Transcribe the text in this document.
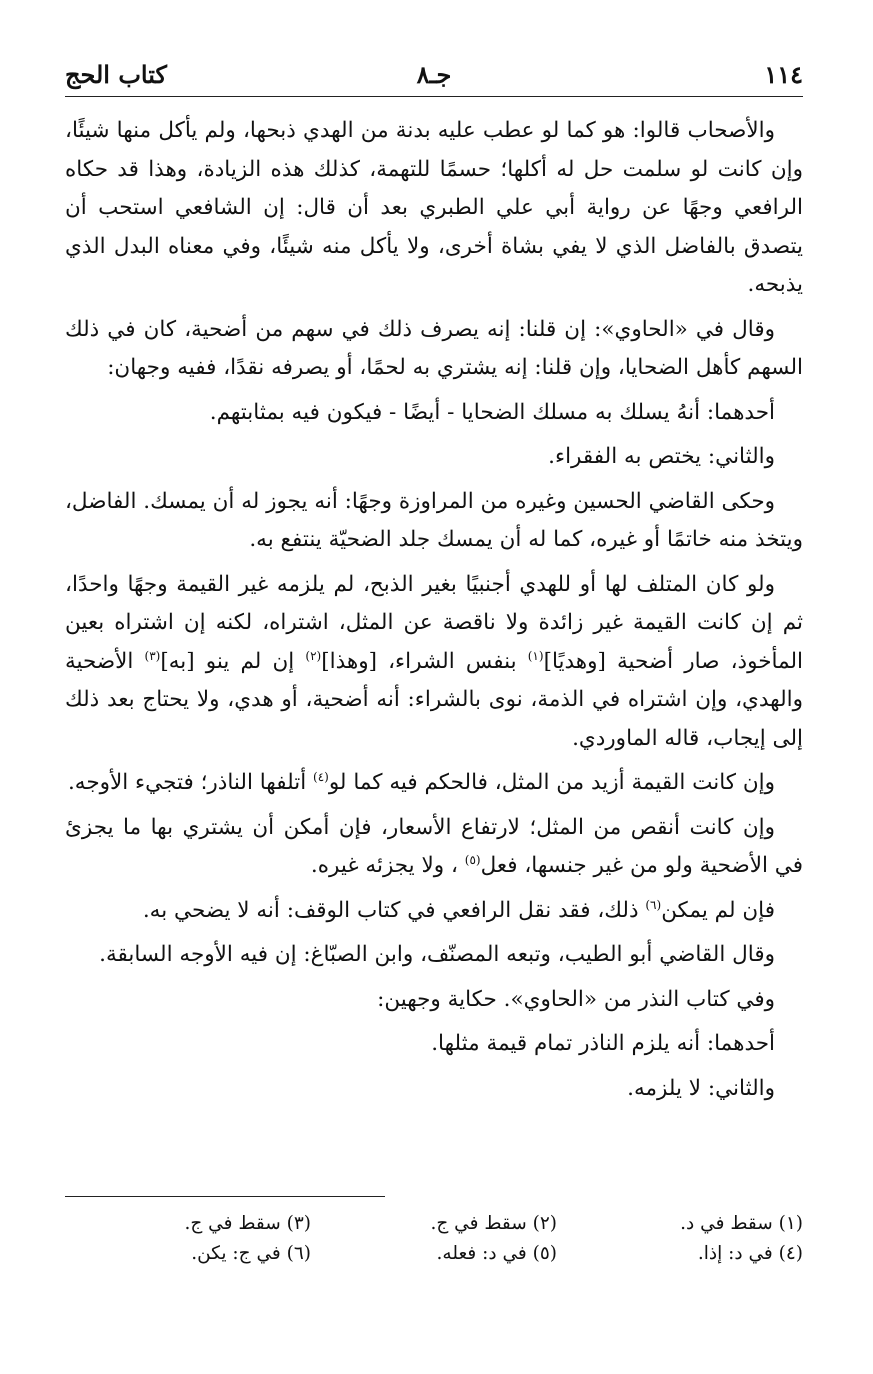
١١٤
جـ٨
كتاب الحج

والأصحاب قالوا: هو كما لو عطب عليه بدنة من الهدي ذبحها، ولم يأكل منها شيئًا، وإن كانت لو سلمت حل له أكلها؛ حسمًا للتهمة، كذلك هذه الزيادة، وهذا قد حكاه الرافعي وجهًا عن رواية أبي علي الطبري بعد أن قال: إن الشافعي استحب أن يتصدق بالفاضل الذي لا يفي بشاة أخرى، ولا يأكل منه شيئًا، وفي معناه البدل الذي يذبحه.

وقال في «الحاوي»: إن قلنا: إنه يصرف ذلك في سهم من أضحية، كان في ذلك السهم كأهل الضحايا، وإن قلنا: إنه يشتري به لحمًا، أو يصرفه نقدًا، ففيه وجهان:

أحدهما: أنهُ يسلك به مسلك الضحايا - أيضًا - فيكون فيه بمثابتهم.

والثاني: يختص به الفقراء.

وحكى القاضي الحسين وغيره من المراوزة وجهًا: أنه يجوز له أن يمسك. الفاضل، ويتخذ منه خاتمًا أو غيره، كما له أن يمسك جلد الضحيّة ينتفع به.

ولو كان المتلف لها أو للهدي أجنبيًا بغير الذبح، لم يلزمه غير القيمة وجهًا واحدًا، ثم إن كانت القيمة غير زائدة ولا ناقصة عن المثل، اشتراه، لكنه إن اشتراه بعين المأخوذ، صار أضحية [وهديًا]$^{(١)}$ بنفس الشراء، [وهذا]$^{(٢)}$ إن لم ينو [به]$^{(٣)}$ الأضحية والهدي، وإن اشتراه في الذمة، نوى بالشراء: أنه أضحية، أو هدي، ولا يحتاج بعد ذلك إلى إيجاب، قاله الماوردي.

وإن كانت القيمة أزيد من المثل، فالحكم فيه كما لو$^{(٤)}$ أتلفها الناذر؛ فتجيء الأوجه.

وإن كانت أنقص من المثل؛ لارتفاع الأسعار، فإن أمكن أن يشتري بها ما يجزئ في الأضحية ولو من غير جنسها، فعل$^{(٥)}$ ، ولا يجزئه غيره.

فإن لم يمكن$^{(٦)}$ ذلك، فقد نقل الرافعي في كتاب الوقف: أنه لا يضحي به.

وقال القاضي أبو الطيب، وتبعه المصنّف، وابن الصبّاغ: إن فيه الأوجه السابقة.

وفي كتاب النذر من «الحاوي». حكاية وجهين:

أحدهما: أنه يلزم الناذر تمام قيمة مثلها.

والثاني: لا يلزمه.

(١) سقط في د.
(٢) سقط في ج.
(٣) سقط في ج.
(٤) في د: إذا.
(٥) في د: فعله.
(٦) في ج: يكن.
